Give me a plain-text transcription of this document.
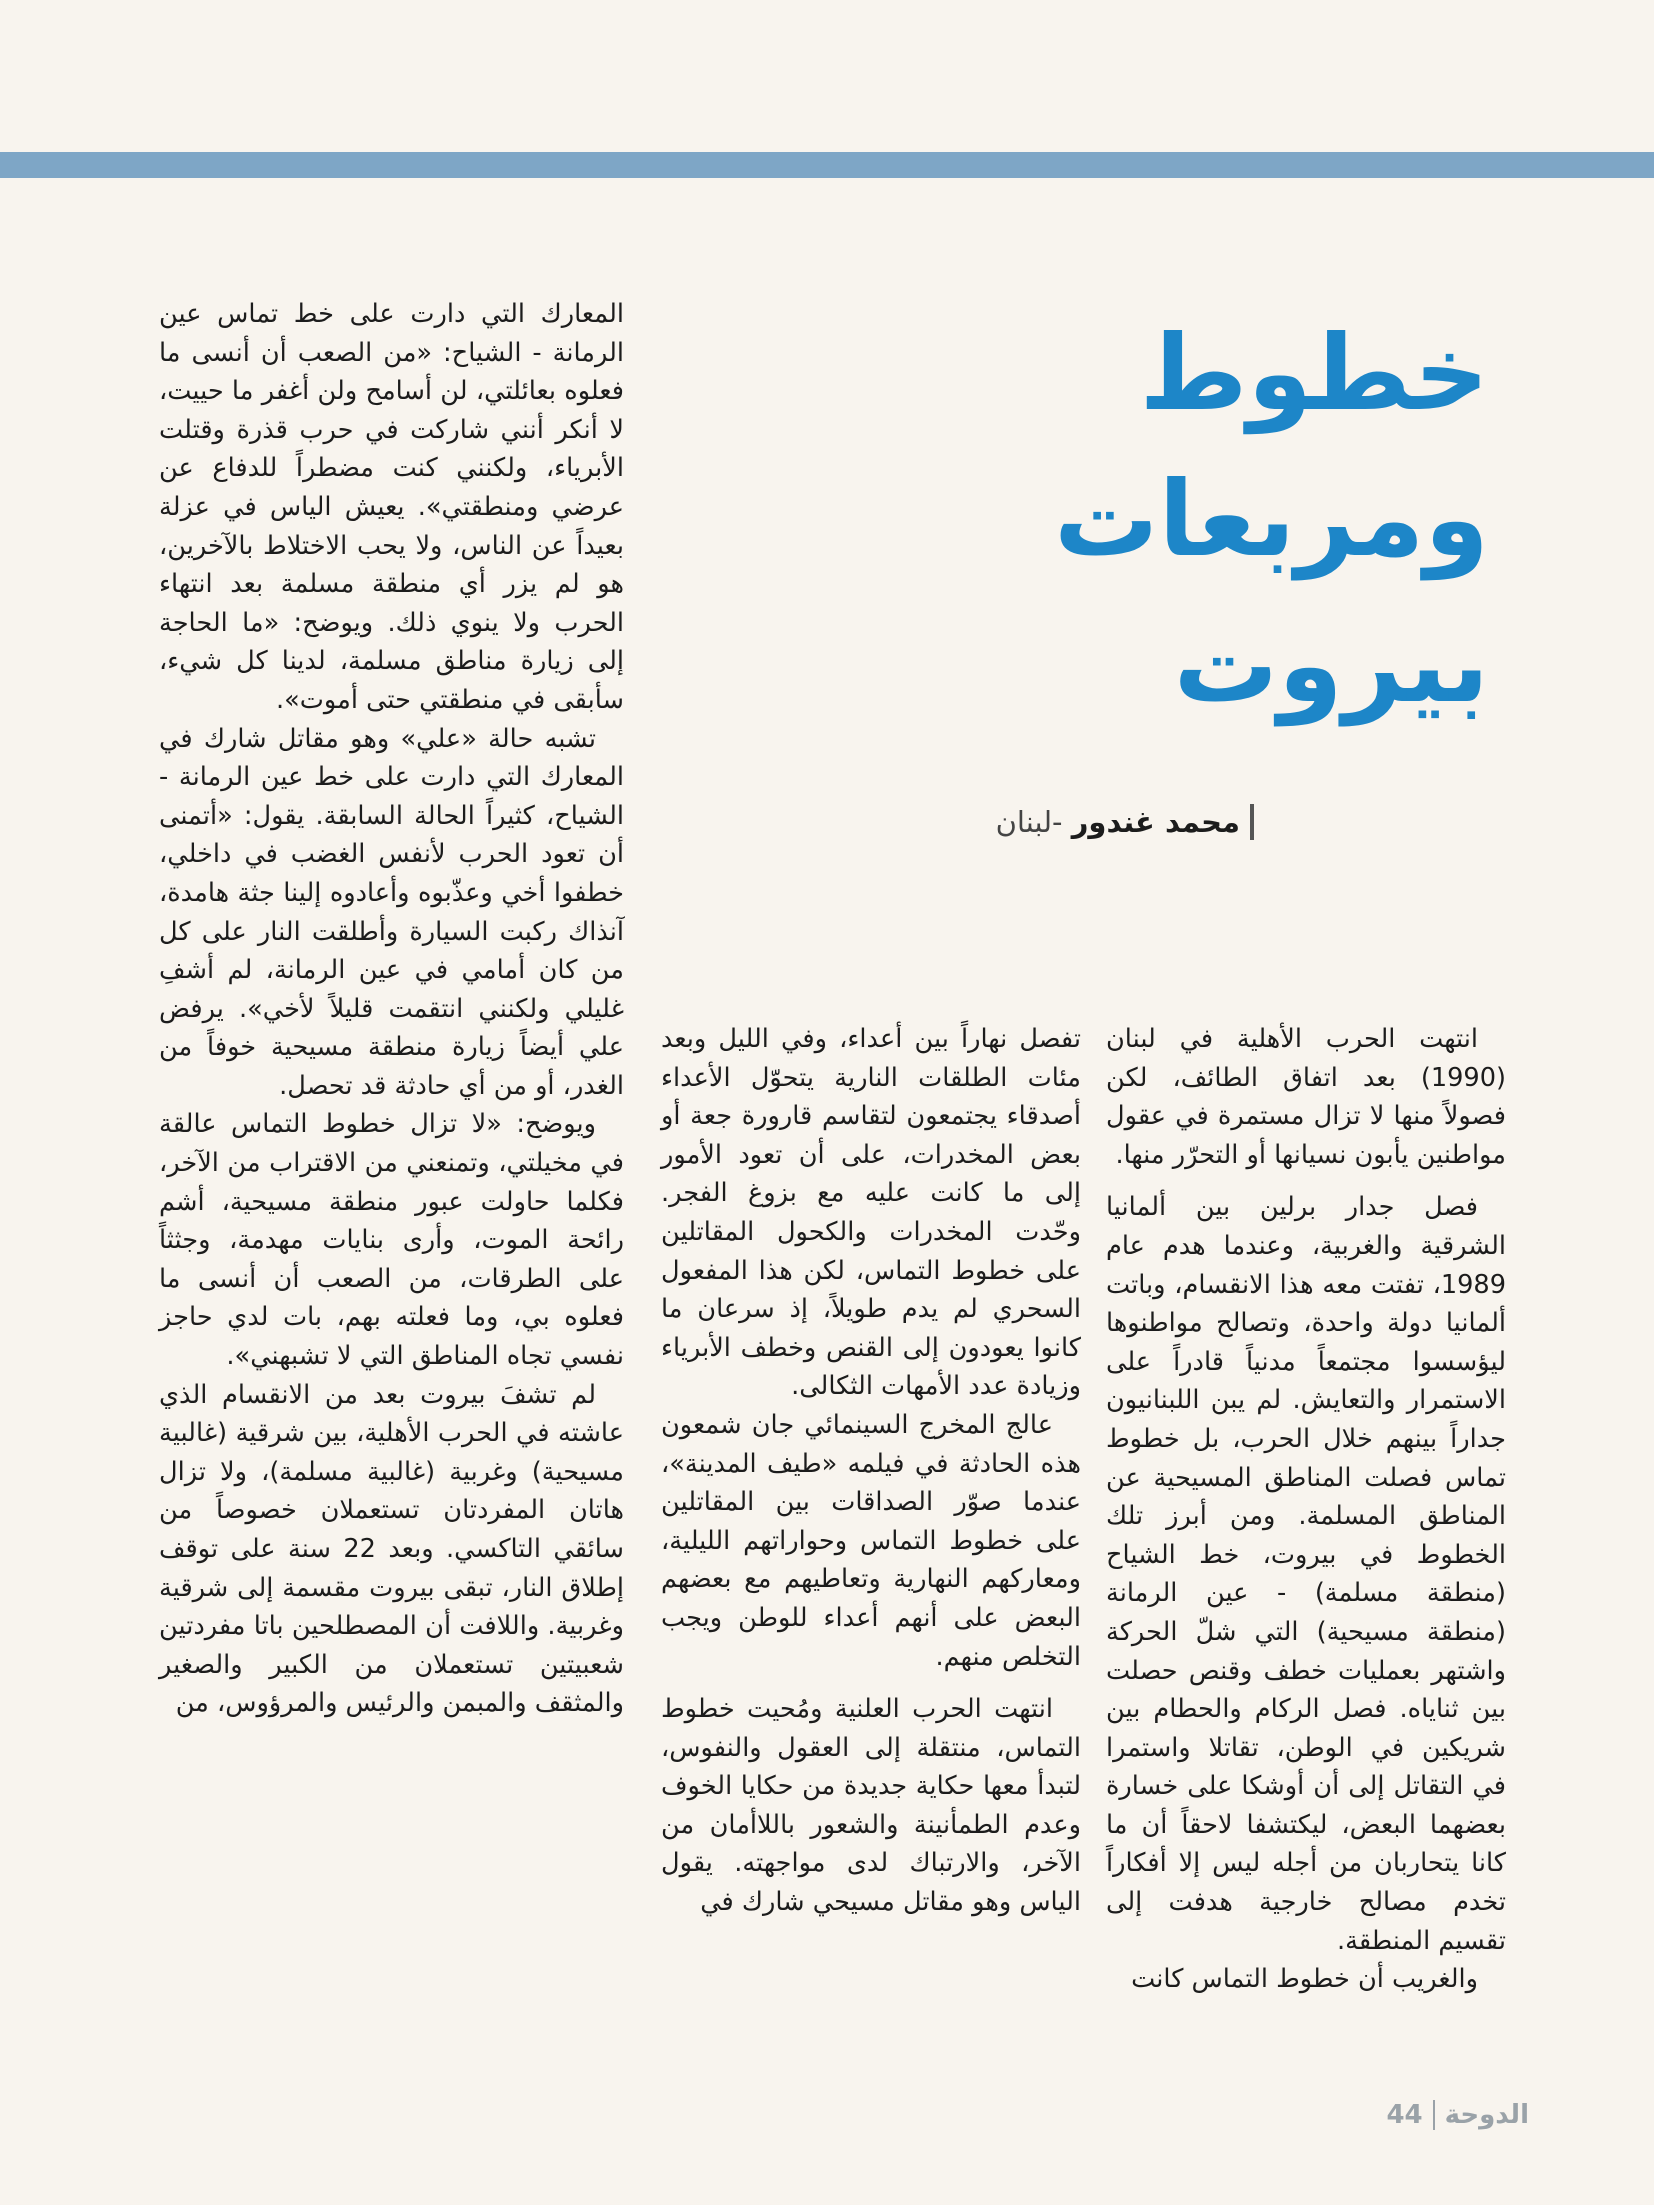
خطوط
ومربعات بيروت
محمد غندور -لبنان

انتهت الحرب الأهلية في لبنان (1990) بعد اتفاق الطائف، لكن فصولاً منها لا تزال مستمرة في عقول مواطنين يأبون نسيانها أو التحرّر منها.

فصل جدار برلين بين ألمانيا الشرقية والغربية، وعندما هدم عام 1989، تفتت معه هذا الانقسام، وباتت ألمانيا دولة واحدة، وتصالح مواطنوها ليؤسسوا مجتمعاً مدنياً قادراً على الاستمرار والتعايش. لم يبن اللبنانيون جداراً بينهم خلال الحرب، بل خطوط تماس فصلت المناطق المسيحية عن المناطق المسلمة. ومن أبرز تلك الخطوط في بيروت، خط الشياح (منطقة مسلمة) - عين الرمانة (منطقة مسيحية) التي شلّ الحركة واشتهر بعمليات خطف وقنص حصلت بين ثناياه. فصل الركام والحطام بين شريكين في الوطن، تقاتلا واستمرا في التقاتل إلى أن أوشكا على خسارة بعضهما البعض، ليكتشفا لاحقاً أن ما كانا يتحاربان من أجله ليس إلا أفكاراً تخدم مصالح خارجية هدفت إلى تقسيم المنطقة.

والغريب أن خطوط التماس كانت

تفصل نهاراً بين أعداء، وفي الليل وبعد مئات الطلقات النارية يتحوّل الأعداء أصدقاء يجتمعون لتقاسم قارورة جعة أو بعض المخدرات، على أن تعود الأمور إلى ما كانت عليه مع بزوغ الفجر. وحّدت المخدرات والكحول المقاتلين على خطوط التماس، لكن هذا المفعول السحري لم يدم طويلاً، إذ سرعان ما كانوا يعودون إلى القنص وخطف الأبرياء وزيادة عدد الأمهات الثكالى.

عالج المخرج السينمائي جان شمعون هذه الحادثة في فيلمه «طيف المدينة»، عندما صوّر الصداقات بين المقاتلين على خطوط التماس وحواراتهم الليلية، ومعاركهم النهارية وتعاطيهم مع بعضهم البعض على أنهم أعداء للوطن ويجب التخلص منهم.

انتهت الحرب العلنية ومُحيت خطوط التماس، منتقلة إلى العقول والنفوس، لتبدأ معها حكاية جديدة من حكايا الخوف وعدم الطمأنينة والشعور باللاأمان من الآخر، والارتباك لدى مواجهته. يقول الياس وهو مقاتل مسيحي شارك في

المعارك التي دارت على خط تماس عين الرمانة - الشياح: «من الصعب أن أنسى ما فعلوه بعائلتي، لن أسامح ولن أغفر ما حييت، لا أنكر أنني شاركت في حرب قذرة وقتلت الأبرياء، ولكنني كنت مضطراً للدفاع عن عرضي ومنطقتي». يعيش الياس في عزلة بعيداً عن الناس، ولا يحب الاختلاط بالآخرين، هو لم يزر أي منطقة مسلمة بعد انتهاء الحرب ولا ينوي ذلك. ويوضح: «ما الحاجة إلى زيارة مناطق مسلمة، لدينا كل شيء، سأبقى في منطقتي حتى أموت».

تشبه حالة «علي» وهو مقاتل شارك في المعارك التي دارت على خط عين الرمانة - الشياح، كثيراً الحالة السابقة. يقول: «أتمنى أن تعود الحرب لأنفس الغضب في داخلي، خطفوا أخي وعذّبوه وأعادوه إلينا جثة هامدة، آنذاك ركبت السيارة وأطلقت النار على كل من كان أمامي في عين الرمانة، لم أشفِ غليلي ولكنني انتقمت قليلاً لأخي». يرفض علي أيضاً زيارة منطقة مسيحية خوفاً من الغدر، أو من أي حادثة قد تحصل.

ويوضح: «لا تزال خطوط التماس عالقة في مخيلتي، وتمنعني من الاقتراب من الآخر، فكلما حاولت عبور منطقة مسيحية، أشم رائحة الموت، وأرى بنايات مهدمة، وجثثاً على الطرقات، من الصعب أن أنسى ما فعلوه بي، وما فعلته بهم، بات لدي حاجز نفسي تجاه المناطق التي لا تشبهني».

لم تشفَ بيروت بعد من الانقسام الذي عاشته في الحرب الأهلية، بين شرقية (غالبية مسيحية) وغربية (غالبية مسلمة)، ولا تزال هاتان المفردتان تستعملان خصوصاً من سائقي التاكسي. وبعد 22 سنة على توقف إطلاق النار، تبقى بيروت مقسمة إلى شرقية وغربية. واللافت أن المصطلحين باتا مفردتين شعبيتين تستعملان من الكبير والصغير والمثقف والمبمن والرئيس والمرؤوس، من

الدوحة
44
